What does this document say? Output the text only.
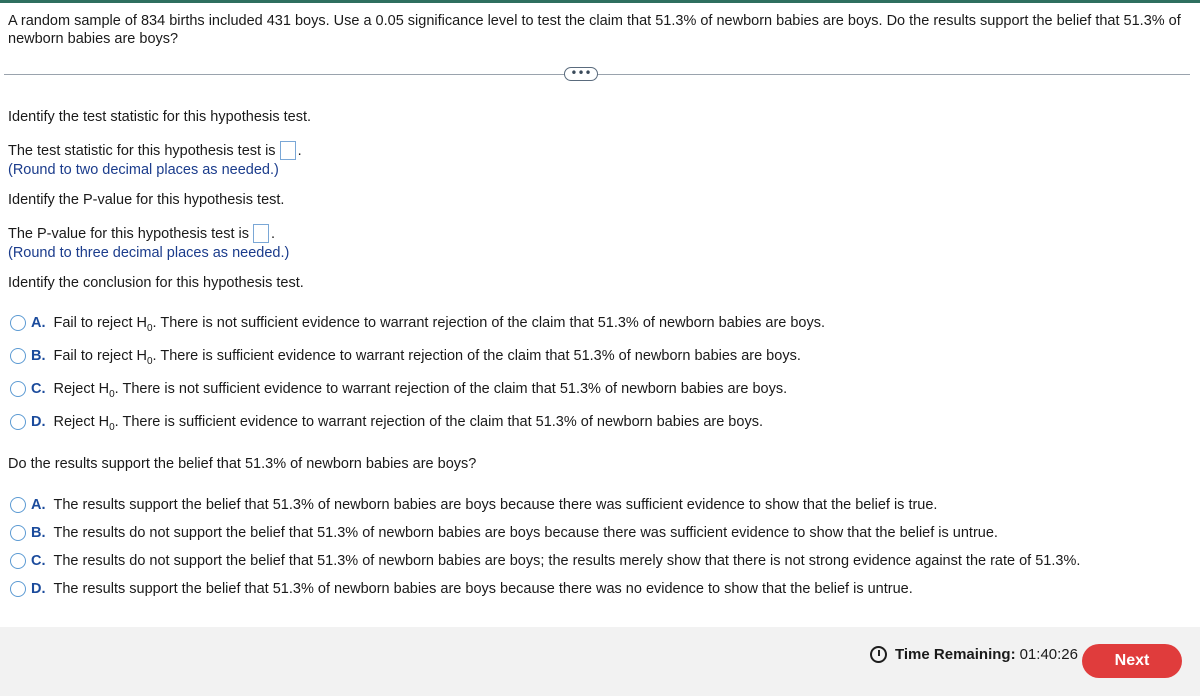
A random sample of 834 births included 431 boys. Use a 0.05 significance level to test the claim that 51.3% of newborn babies are boys. Do the results support the belief that 51.3% of newborn babies are boys?

•••

Identify the test statistic for this hypothesis test.

The test statistic for this hypothesis test is .

(Round to two decimal places as needed.)

Identify the P-value for this hypothesis test.

The P-value for this hypothesis test is .

(Round to three decimal places as needed.)

Identify the conclusion for this hypothesis test.

A. Fail to reject $H_0$. There is not sufficient evidence to warrant rejection of the claim that 51.3% of newborn babies are boys.
B. Fail to reject $H_0$. There is sufficient evidence to warrant rejection of the claim that 51.3% of newborn babies are boys.
C. Reject $H_0$. There is not sufficient evidence to warrant rejection of the claim that 51.3% of newborn babies are boys.
D. Reject $H_0$. There is sufficient evidence to warrant rejection of the claim that 51.3% of newborn babies are boys.

Do the results support the belief that 51.3% of newborn babies are boys?

A. The results support the belief that 51.3% of newborn babies are boys because there was sufficient evidence to show that the belief is true.
B. The results do not support the belief that 51.3% of newborn babies are boys because there was sufficient evidence to show that the belief is untrue.
C. The results do not support the belief that 51.3% of newborn babies are boys; the results merely show that there is not strong evidence against the rate of 51.3%.
D. The results support the belief that 51.3% of newborn babies are boys because there was no evidence to show that the belief is untrue.
Time Remaining: 01:40:26	Next
